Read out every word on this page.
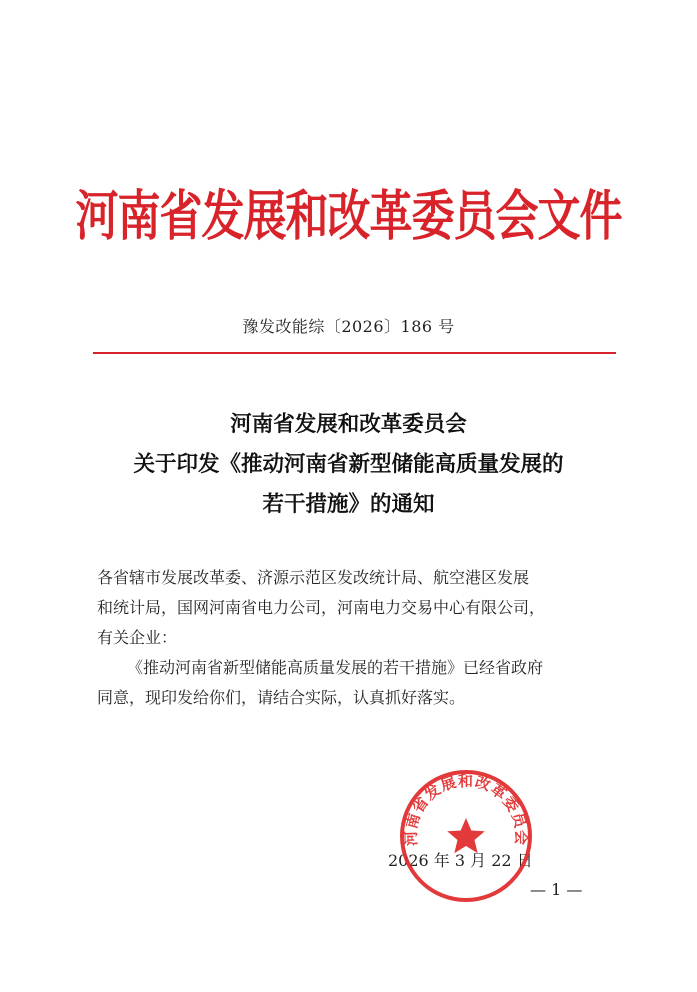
河南省发展和改革委员会文件
豫发改能综〔2026〕186 号
河南省发展和改革委员会
关于印发《推动河南省新型储能高质量发展的
若干措施》的通知
各省辖市发展改革委、济源示范区发改统计局、航空港区发展
和统计局，国网河南省电力公司，河南电力交易中心有限公司，
有关企业：
《推动河南省新型储能高质量发展的若干措施》已经省政府
同意，现印发给你们，请结合实际，认真抓好落实。
2026 年 3 月 22 日
河南省发展和改革委员会
— 1 —
